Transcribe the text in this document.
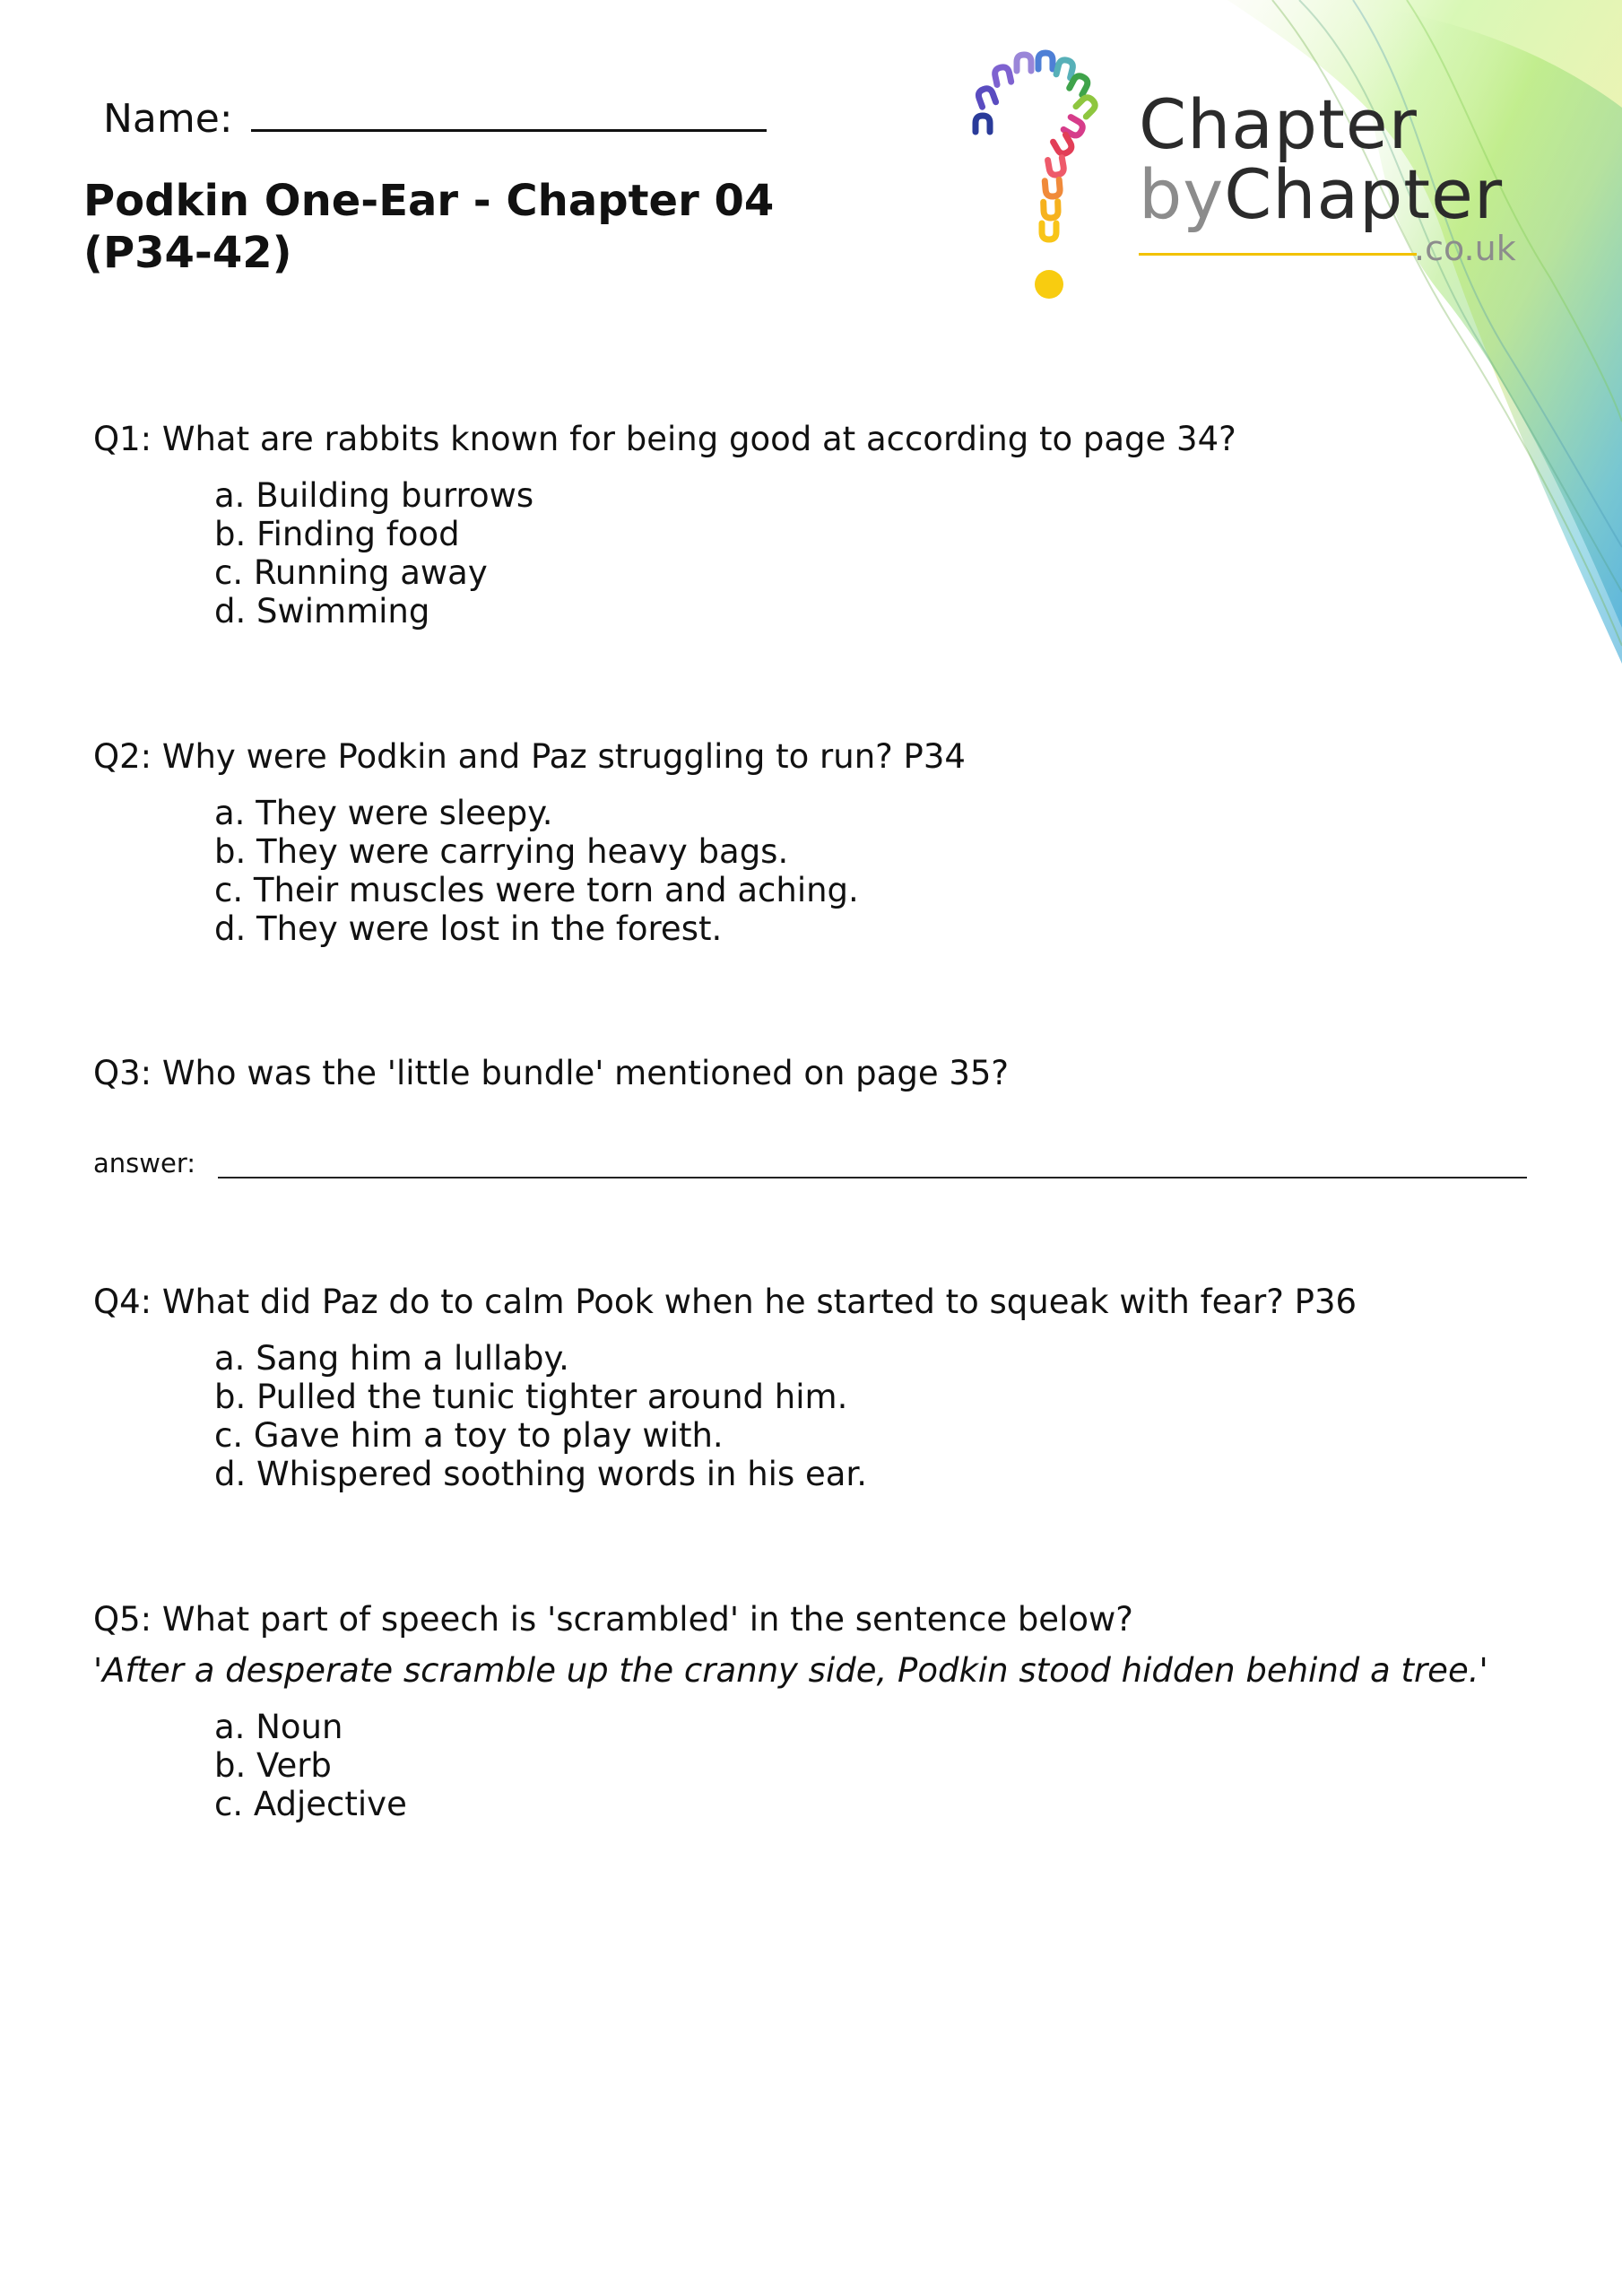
Name:
Podkin One-Ear - Chapter 04
(P34-42)
Chapter
byChapter
.co.uk

Q1: What are rabbits known for being good at according to page 34?

a. Building burrows
b. Finding food
c. Running away
d. Swimming

Q2: Why were Podkin and Paz struggling to run? P34

a. They were sleepy.
b. They were carrying heavy bags.
c. Their muscles were torn and aching.
d. They were lost in the forest.

Q3: Who was the 'little bundle' mentioned on page 35?

answer:

Q4: What did Paz do to calm Pook when he started to squeak with fear? P36

a. Sang him a lullaby.
b. Pulled the tunic tighter around him.
c. Gave him a toy to play with.
d. Whispered soothing words in his ear.

Q5: What part of speech is 'scrambled' in the sentence below?

'After a desperate scramble up the cranny side, Podkin stood hidden behind a tree.'

a. Noun
b. Verb
c. Adjective
